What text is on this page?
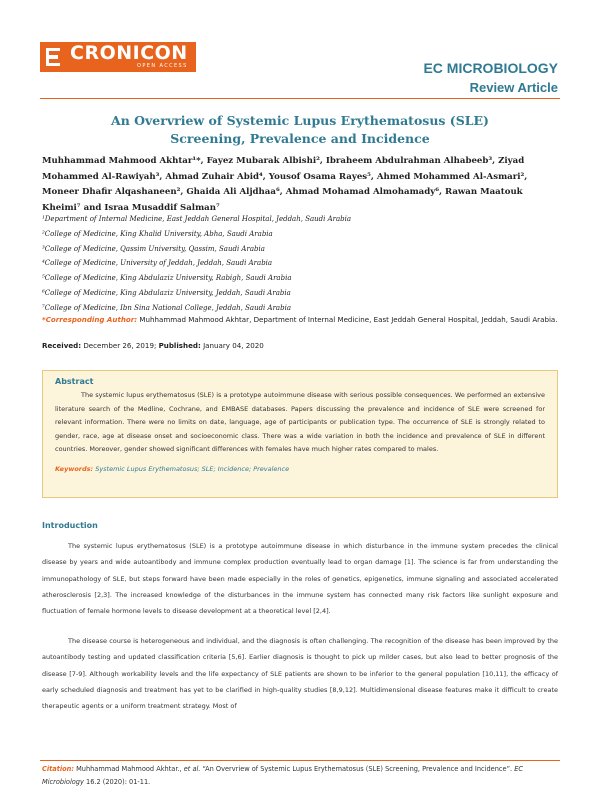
CRONICON
OPEN ACCESS	EC MICROBIOLOGY
Review Article
An Overvriew of Systemic Lupus Erythematosus (SLE)
Screening, Prevalence and Incidence
Muhhammad Mahmood Akhtar¹*, Fayez Mubarak Albishi², Ibraheem Abdulrahman Alhabeeb³, Ziyad Mohammed Al-Rawiyah³, Ahmad Zuhair Abid⁴, Yousof Osama Rayes⁵, Ahmed Mohammed Al-Asmari², Moneer Dhafir Alqashaneen², Ghaida Ali Aljdhaa⁶, Ahmad Mohamad Almohamady⁶, Rawan Maatouk Kheimi⁷ and Israa Musaddif Salman⁷
¹Department of Internal Medicine, East Jeddah General Hospital, Jeddah, Saudi Arabia
²College of Medicine, King Khalid University, Abha, Saudi Arabia
³College of Medicine, Qassim University, Qassim, Saudi Arabia
⁴College of Medicine, University of Jeddah, Jeddah, Saudi Arabia
⁵College of Medicine, King Abdulaziz University, Rabigh, Saudi Arabia
⁶College of Medicine, King Abdulaziz University, Jeddah, Saudi Arabia
⁷College of Medicine, Ibn Sina National College, Jeddah, Saudi Arabia
*Corresponding Author: Muhhammad Mahmood Akhtar, Department of Internal Medicine, East Jeddah General Hospital, Jeddah, Saudi Arabia.
Received: December 26, 2019; Published: January 04, 2020
Abstract
The systemic lupus erythematosus (SLE) is a prototype autoimmune disease with serious possible consequences. We performed an extensive literature search of the Medline, Cochrane, and EMBASE databases. Papers discussing the prevalence and incidence of SLE were screened for relevant information. There were no limits on date, language, age of participants or publication type. The occurrence of SLE is strongly related to gender, race, age at disease onset and socioeconomic class. There was a wide variation in both the incidence and prevalence of SLE in different countries. Moreover, gender showed significant differences with females have much higher rates compared to males.
Keywords: Systemic Lupus Erythematosus; SLE; Incidence; Prevalence
Introduction
The systemic lupus erythematosus (SLE) is a prototype autoimmune disease in which disturbance in the immune system precedes the clinical disease by years and wide autoantibody and immune complex production eventually lead to organ damage [1]. The science is far from understanding the immunopathology of SLE, but steps forward have been made especially in the roles of genetics, epigenetics, immune signaling and associated accelerated atherosclerosis [2,3]. The increased knowledge of the disturbances in the immune system has connected many risk factors like sunlight exposure and fluctuation of female hormone levels to disease development at a theoretical level [2,4].
The disease course is heterogeneous and individual, and the diagnosis is often challenging. The recognition of the disease has been improved by the autoantibody testing and updated classification criteria [5,6]. Earlier diagnosis is thought to pick up milder cases, but also lead to better prognosis of the disease [7-9]. Although workability levels and the life expectancy of SLE patients are shown to be inferior to the general population [10,11], the efficacy of early scheduled diagnosis and treatment has yet to be clarified in high-quality studies [8,9,12]. Multidimensional disease features make it difficult to create therapeutic agents or a uniform treatment strategy. Most of
Citation: Muhhammad Mahmood Akhtar., et al. “An Overvriew of Systemic Lupus Erythematosus (SLE) Screening, Prevalence and Incidence”. EC Microbiology 16.2 (2020): 01-11.
